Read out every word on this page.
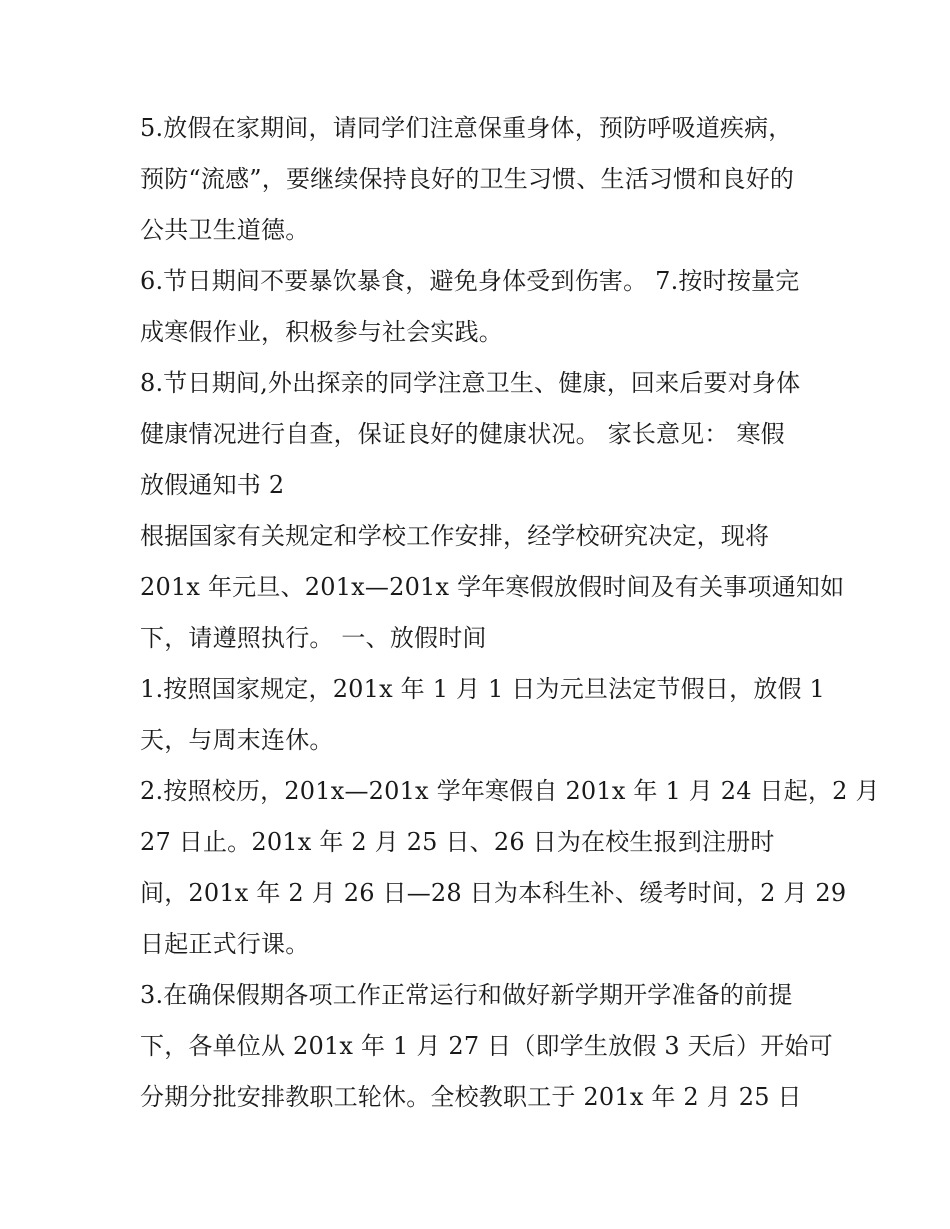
5.放假在家期间，请同学们注意保重身体，预防呼吸道疾病，
预防“流感”，要继续保持良好的卫生习惯、生活习惯和良好的
公共卫生道德。
6.节日期间不要暴饮暴食，避免身体受到伤害。 7.按时按量完
成寒假作业，积极参与社会实践。
8.节日期间,外出探亲的同学注意卫生、健康，回来后要对身体
健康情况进行自查，保证良好的健康状况。 家长意见： 寒假
放假通知书 2
根据国家有关规定和学校工作安排，经学校研究决定，现将
201x 年元旦、201x—201x 学年寒假放假时间及有关事项通知如
下，请遵照执行。 一、放假时间
1.按照国家规定，201x 年 1 月 1 日为元旦法定节假日，放假 1
天，与周末连休。
2.按照校历，201x—201x 学年寒假自 201x 年 1 月 24 日起，2 月
27 日止。201x 年 2 月 25 日、26 日为在校生报到注册时
间，201x 年 2 月 26 日—28 日为本科生补、缓考时间，2 月 29
日起正式行课。
3.在确保假期各项工作正常运行和做好新学期开学准备的前提
下，各单位从 201x 年 1 月 27 日（即学生放假 3 天后）开始可
分期分批安排教职工轮休。全校教职工于 201x 年 2 月 25 日
